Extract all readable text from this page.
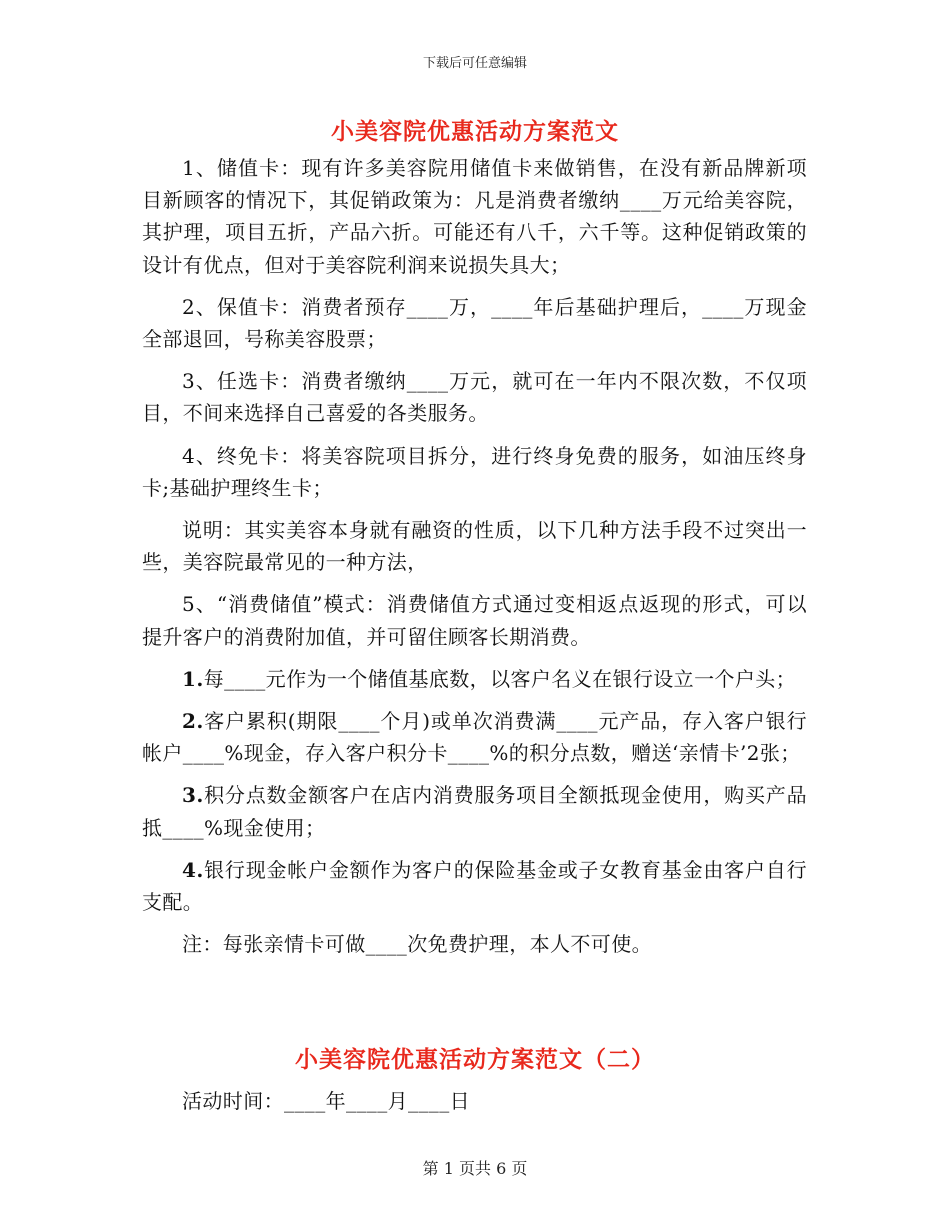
下载后可任意编辑
小美容院优惠活动方案范文

1、储值卡：现有许多美容院用储值卡来做销售，在没有新品牌新项目新顾客的情况下，其促销政策为：凡是消费者缴纳____万元给美容院，其护理，项目五折，产品六折。可能还有八千，六千等。这种促销政策的设计有优点，但对于美容院利润来说损失具大；

2、保值卡：消费者预存____万，____年后基础护理后，____万现金全部退回，号称美容股票；

3、任选卡：消费者缴纳____万元，就可在一年内不限次数，不仅项目，不间来选择自己喜爱的各类服务。

4、终免卡：将美容院项目拆分，进行终身免费的服务，如油压终身卡;基础护理终生卡；

说明：其实美容本身就有融资的性质，以下几种方法手段不过突出一些，美容院最常见的一种方法，

5、“消费储值”模式：消费储值方式通过变相返点返现的形式，可以提升客户的消费附加值，并可留住顾客长期消费。

1.每____元作为一个储值基底数，以客户名义在银行设立一个户头；

2.客户累积(期限____个月)或单次消费满____元产品，存入客户银行帐户____%现金，存入客户积分卡____%的积分点数，赠送‘亲情卡’2张；

3.积分点数金额客户在店内消费服务项目全额抵现金使用，购买产品抵____%现金使用；

4.银行现金帐户金额作为客户的保险基金或子女教育基金由客户自行支配。

注：每张亲情卡可做____次免费护理，本人不可使。

小美容院优惠活动方案范文（二）

活动时间：____年____月____日

第 1 页共 6 页
